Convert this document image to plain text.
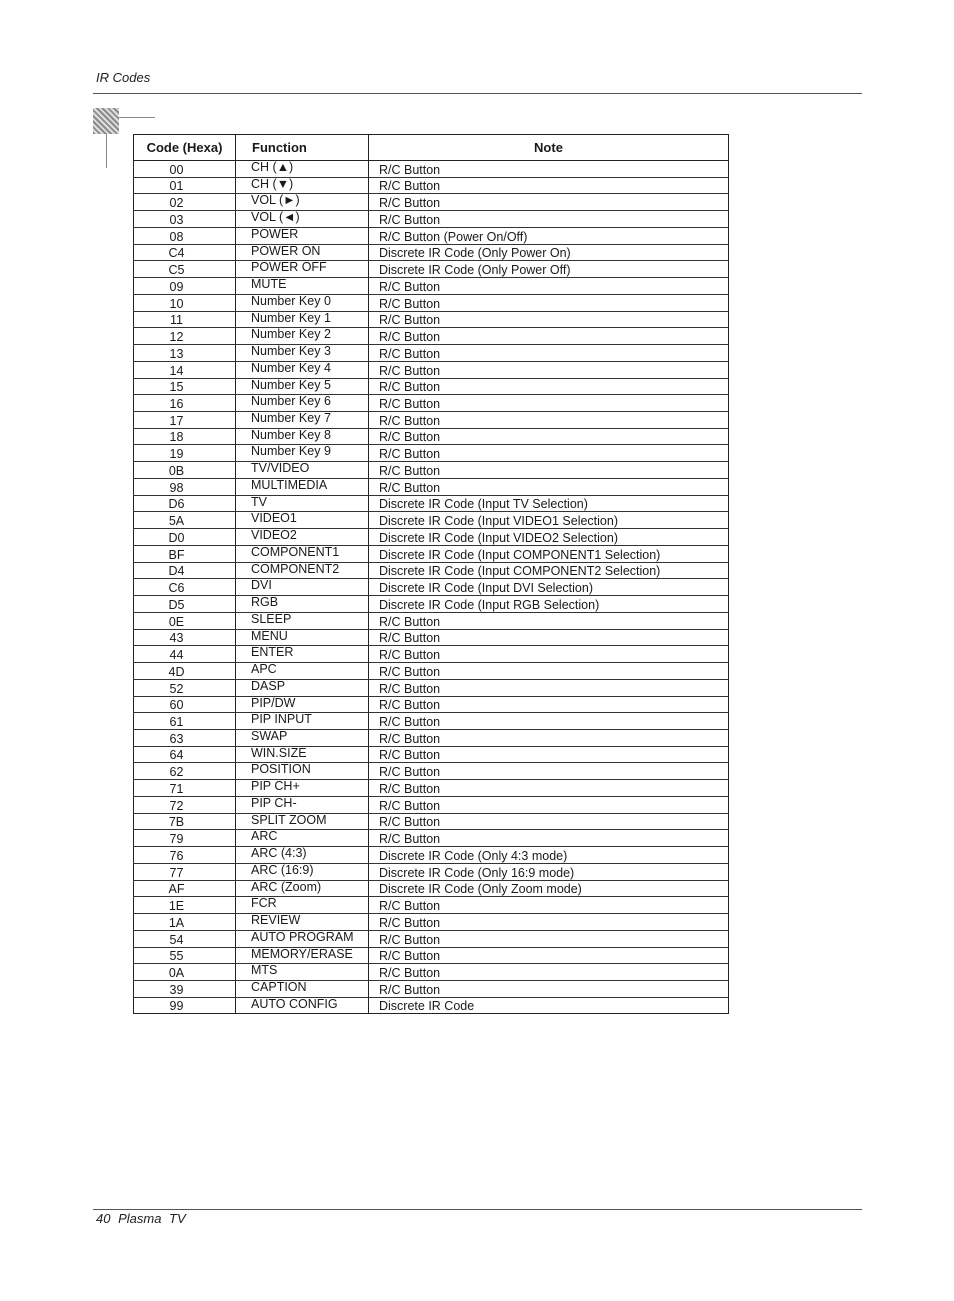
IR Codes
Code (Hexa)	Function	Note
00	CH (▲)	R/C Button
01	CH (▼)	R/C Button
02	VOL (►)	R/C Button
03	VOL (◄)	R/C Button
08	POWER	R/C Button (Power On/Off)
C4	POWER ON	Discrete IR Code (Only Power On)
C5	POWER OFF	Discrete IR Code (Only Power Off)
09	MUTE	R/C Button
10	Number Key 0	R/C Button
11	Number Key 1	R/C Button
12	Number Key 2	R/C Button
13	Number Key 3	R/C Button
14	Number Key 4	R/C Button
15	Number Key 5	R/C Button
16	Number Key 6	R/C Button
17	Number Key 7	R/C Button
18	Number Key 8	R/C Button
19	Number Key 9	R/C Button
0B	TV/VIDEO	R/C Button
98	MULTIMEDIA	R/C Button
D6	TV	Discrete IR Code (Input TV Selection)
5A	VIDEO1	Discrete IR Code (Input VIDEO1 Selection)
D0	VIDEO2	Discrete IR Code (Input VIDEO2 Selection)
BF	COMPONENT1	Discrete IR Code (Input COMPONENT1 Selection)
D4	COMPONENT2	Discrete IR Code (Input COMPONENT2 Selection)
C6	DVI	Discrete IR Code (Input DVI Selection)
D5	RGB	Discrete IR Code (Input RGB Selection)
0E	SLEEP	R/C Button
43	MENU	R/C Button
44	ENTER	R/C Button
4D	APC	R/C Button
52	DASP	R/C Button
60	PIP/DW	R/C Button
61	PIP INPUT	R/C Button
63	SWAP	R/C Button
64	WIN.SIZE	R/C Button
62	POSITION	R/C Button
71	PIP CH+	R/C Button
72	PIP CH-	R/C Button
7B	SPLIT ZOOM	R/C Button
79	ARC	R/C Button
76	ARC (4:3)	Discrete IR Code (Only 4:3 mode)
77	ARC (16:9)	Discrete IR Code (Only 16:9 mode)
AF	ARC (Zoom)	Discrete IR Code (Only Zoom mode)
1E	FCR	R/C Button
1A	REVIEW	R/C Button
54	AUTO PROGRAM	R/C Button
55	MEMORY/ERASE	R/C Button
0A	MTS	R/C Button
39	CAPTION	R/C Button
99	AUTO CONFIG	Discrete IR Code
40 Plasma TV
